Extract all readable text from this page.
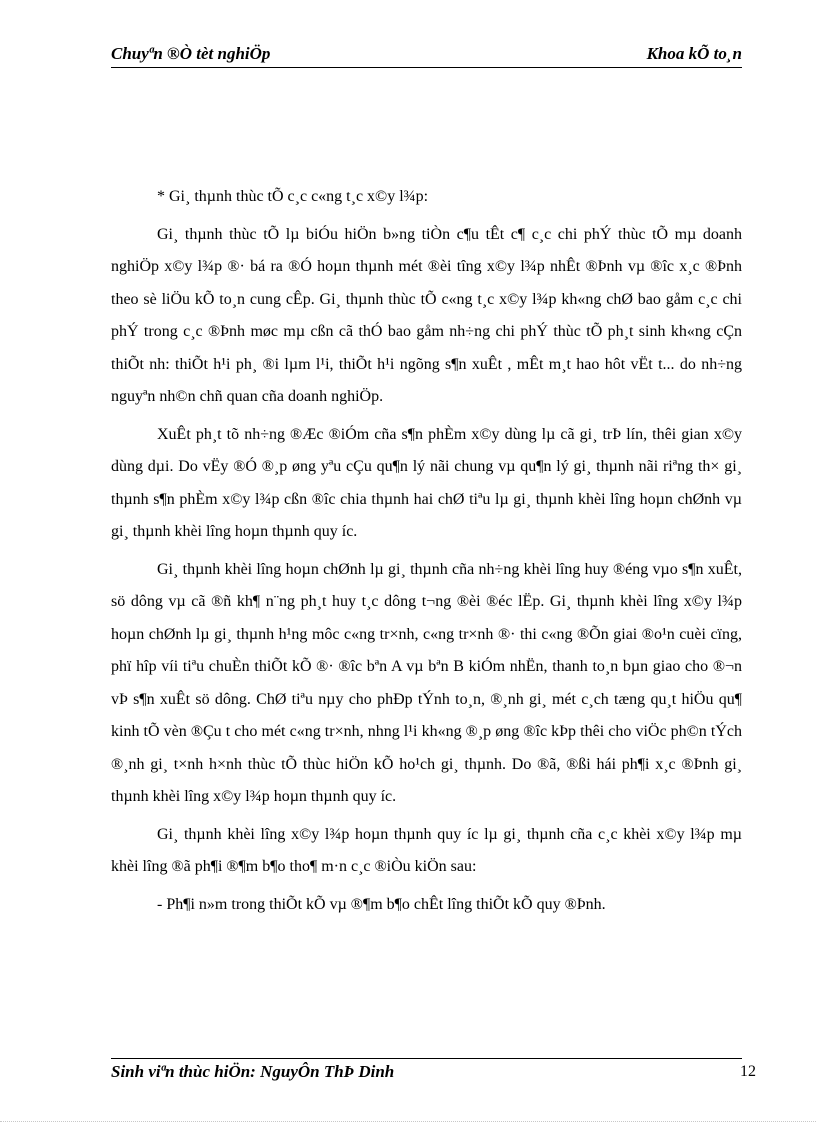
Chuyªn ®Ò tèt nghiÖp	Khoa kÕ to¸n

* Gi¸ thµnh thùc tÕ c¸c c«ng t¸c x©y l¾p:

Gi¸ thµnh thùc tÕ lµ biÓu hiÖn b»ng tiÒn c¶u tÊt c¶ c¸c chi phÝ thùc tÕ mµ doanh nghiÖp x©y l¾p ®· bá ra ®Ó hoµn thµnh mét ®èi tîng x©y l¾p nhÊt ®Þnh vµ ®îc x¸c ®Þnh theo sè liÖu kÕ to¸n cung cÊp. Gi¸ thµnh thùc tÕ c«ng t¸c x©y l¾p kh«ng chØ bao gåm c¸c chi phÝ trong c¸c ®Þnh møc mµ cßn cã thÓ bao gåm nh÷ng chi phÝ thùc tÕ ph¸t sinh kh«ng cÇn thiÕt nh: thiÕt h¹i ph¸ ®i lµm l¹i, thiÕt h¹i ngõng s¶n xuÊt , mÊt m¸t hao hôt vËt t... do nh÷ng nguyªn nh©n chñ quan cña doanh nghiÖp.

XuÊt ph¸t tõ nh÷ng ®Æc ®iÓm cña s¶n phÈm x©y dùng lµ cã gi¸ trÞ lín, thêi gian x©y dùng dµi. Do vËy ®Ó ®¸p øng yªu cÇu qu¶n lý nãi chung vµ qu¶n lý gi¸ thµnh nãi riªng th× gi¸ thµnh s¶n phÈm x©y l¾p cßn ®îc chia thµnh hai chØ tiªu lµ gi¸ thµnh khèi lîng hoµn chØnh vµ gi¸ thµnh khèi lîng hoµn thµnh quy íc.

Gi¸ thµnh khèi lîng hoµn chØnh lµ gi¸ thµnh cña nh÷ng khèi lîng huy ®éng vµo s¶n xuÊt, sö dông vµ cã ®ñ kh¶ n¨ng ph¸t huy t¸c dông t¬ng ®èi ®éc lËp. Gi¸ thµnh khèi lîng x©y l¾p hoµn chØnh lµ gi¸ thµnh h¹ng môc c«ng tr×nh, c«ng tr×nh ®· thi c«ng ®Õn giai ®o¹n cuèi cïng, phï hîp víi tiªu chuÈn thiÕt kÕ ®· ®îc bªn A vµ bªn B kiÓm nhËn, thanh to¸n bµn giao cho ®¬n vÞ s¶n xuÊt sö dông. ChØ tiªu nµy cho phÐp tÝnh to¸n, ®¸nh gi¸ mét c¸ch tæng qu¸t hiÖu qu¶ kinh tÕ vèn ®Çu t cho mét c«ng tr×nh, nhng l¹i kh«ng ®¸p øng ®îc kÞp thêi cho viÖc ph©n tÝch ®¸nh gi¸ t×nh h×nh thùc tÕ thùc hiÖn kÕ ho¹ch gi¸ thµnh. Do ®ã, ®ßi hái ph¶i x¸c ®Þnh gi¸ thµnh khèi lîng x©y l¾p hoµn thµnh quy íc.

Gi¸ thµnh khèi lîng x©y l¾p hoµn thµnh quy íc lµ gi¸ thµnh cña c¸c khèi x©y l¾p mµ khèi lîng ®ã ph¶i ®¶m b¶o tho¶ m·n c¸c ®iÒu kiÖn sau:

- Ph¶i n»m trong thiÕt kÕ vµ ®¶m b¶o chÊt lîng thiÕt kÕ quy ®Þnh.

Sinh viªn thùc hiÖn: NguyÔn ThÞ Dinh	12
